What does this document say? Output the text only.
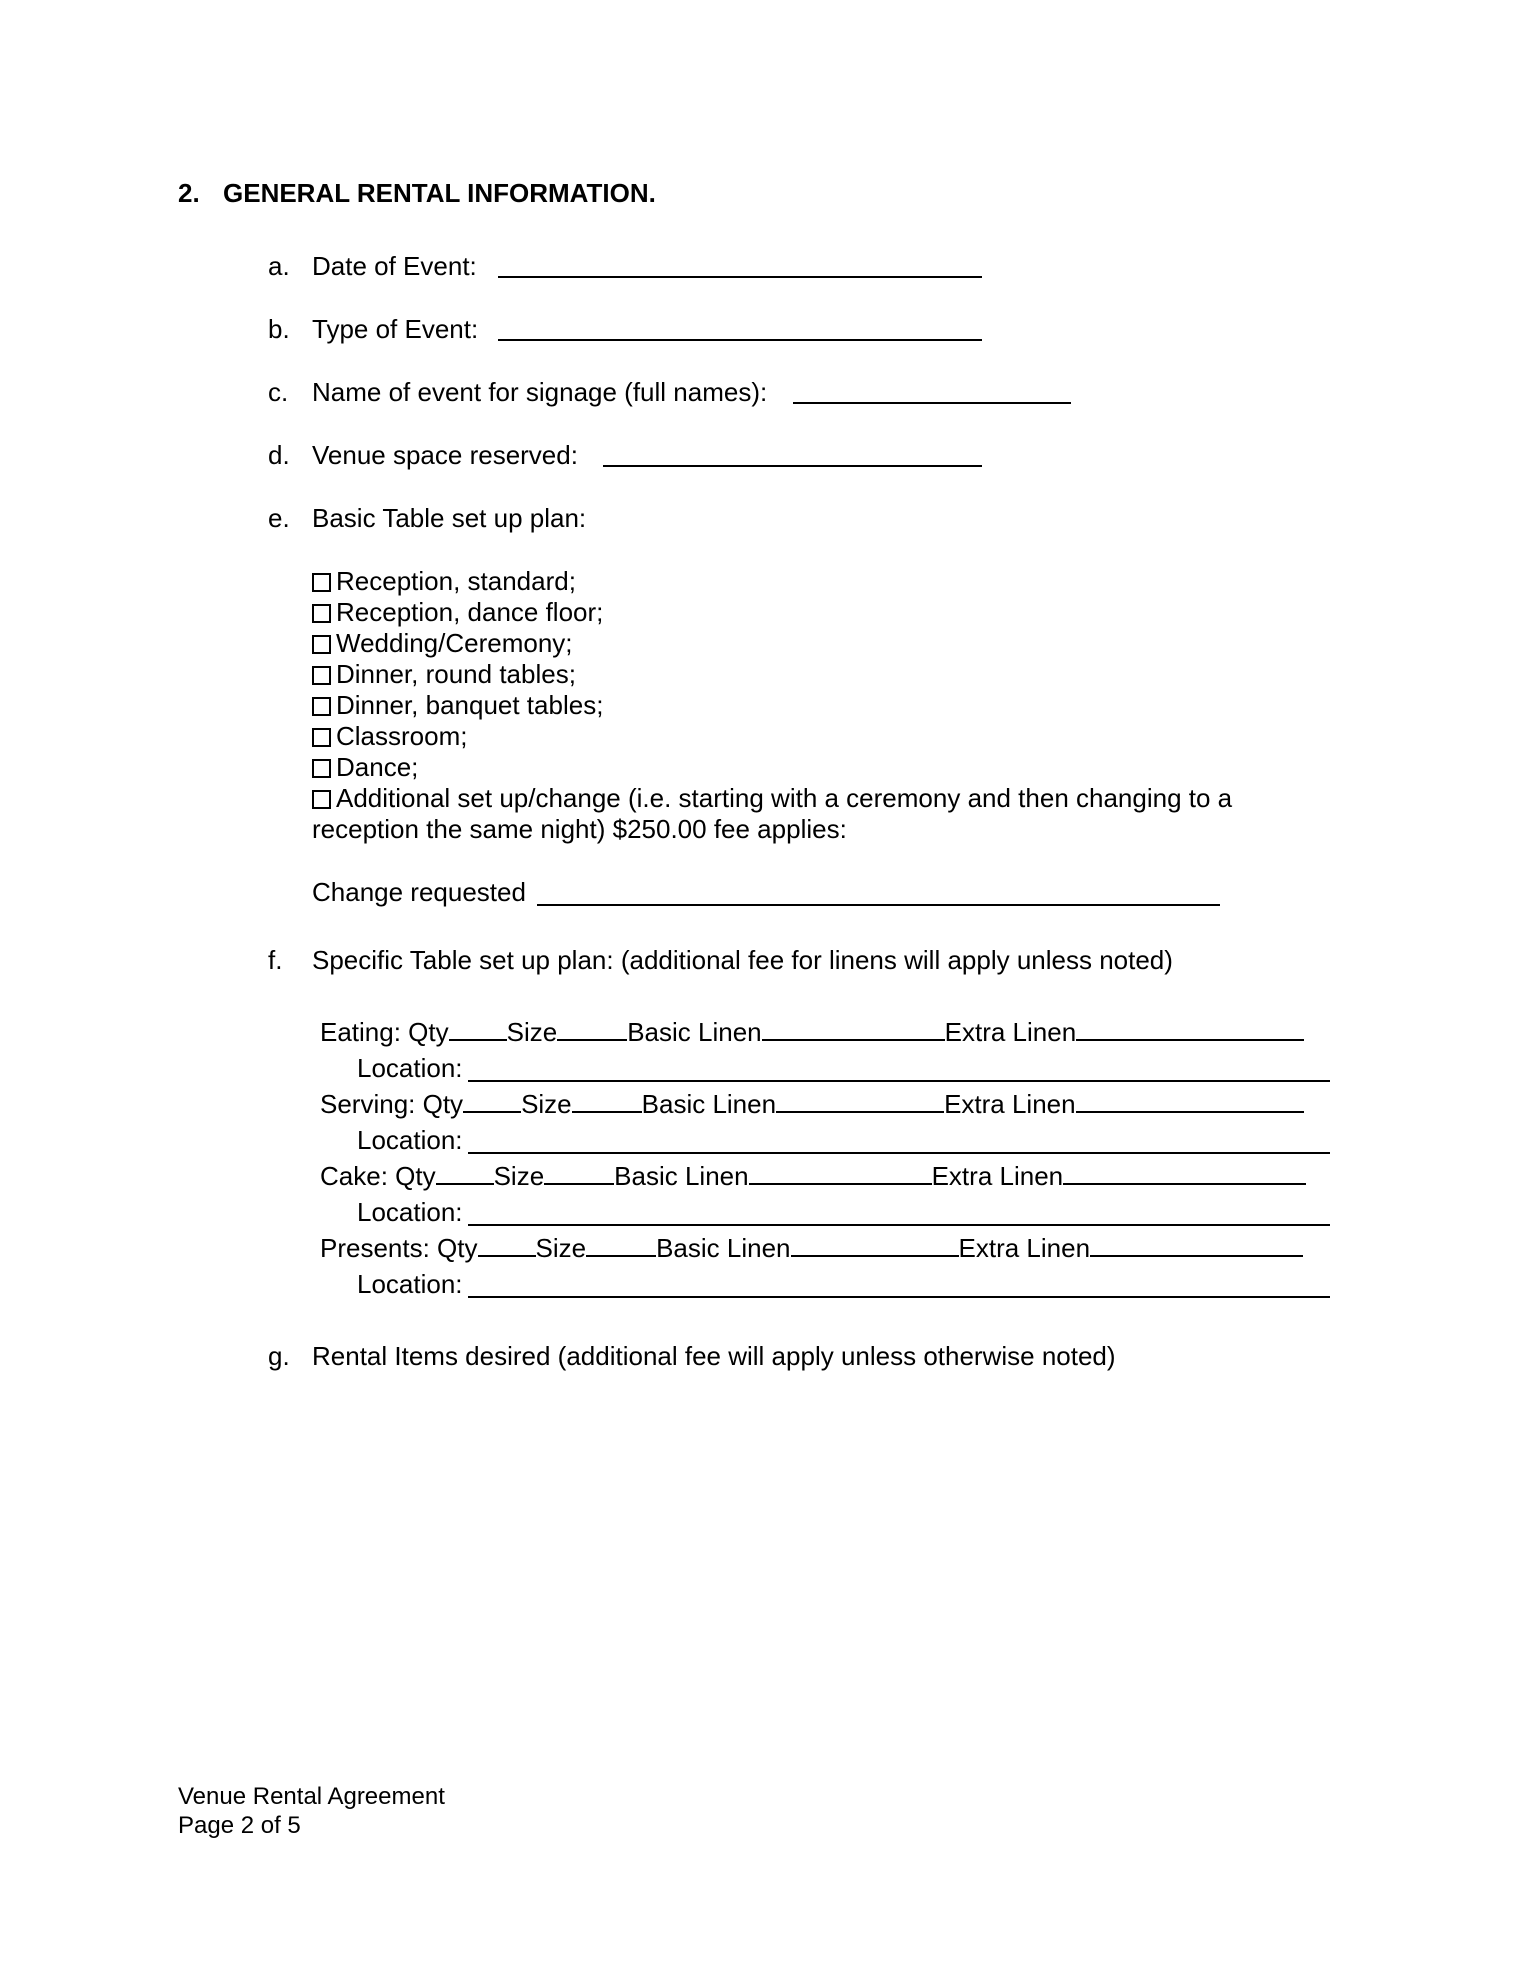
2. GENERAL RENTAL INFORMATION.
a. Date of Event:
b. Type of Event:
c. Name of event for signage (full names):
d. Venue space reserved:
e. Basic Table set up plan:
Reception, standard;
Reception, dance floor;
Wedding/Ceremony;
Dinner, round tables;
Dinner, banquet tables;
Classroom;
Dance;
Additional set up/change (i.e. starting with a ceremony and then changing to a
reception the same night) $250.00 fee applies:
Change requested
f. Specific Table set up plan: (additional fee for linens will apply unless noted)
Eating: Qty Size	Basic Linen	Extra Linen
Location:
Serving: Qty Size	Basic Linen	Extra Linen
Location:
Cake: Qty Size	Basic Linen	Extra Linen
Location:
Presents: Qty Size	Basic Linen	Extra Linen
Location:
g. Rental Items desired (additional fee will apply unless otherwise noted)
Venue Rental Agreement
Page 2 of 5
